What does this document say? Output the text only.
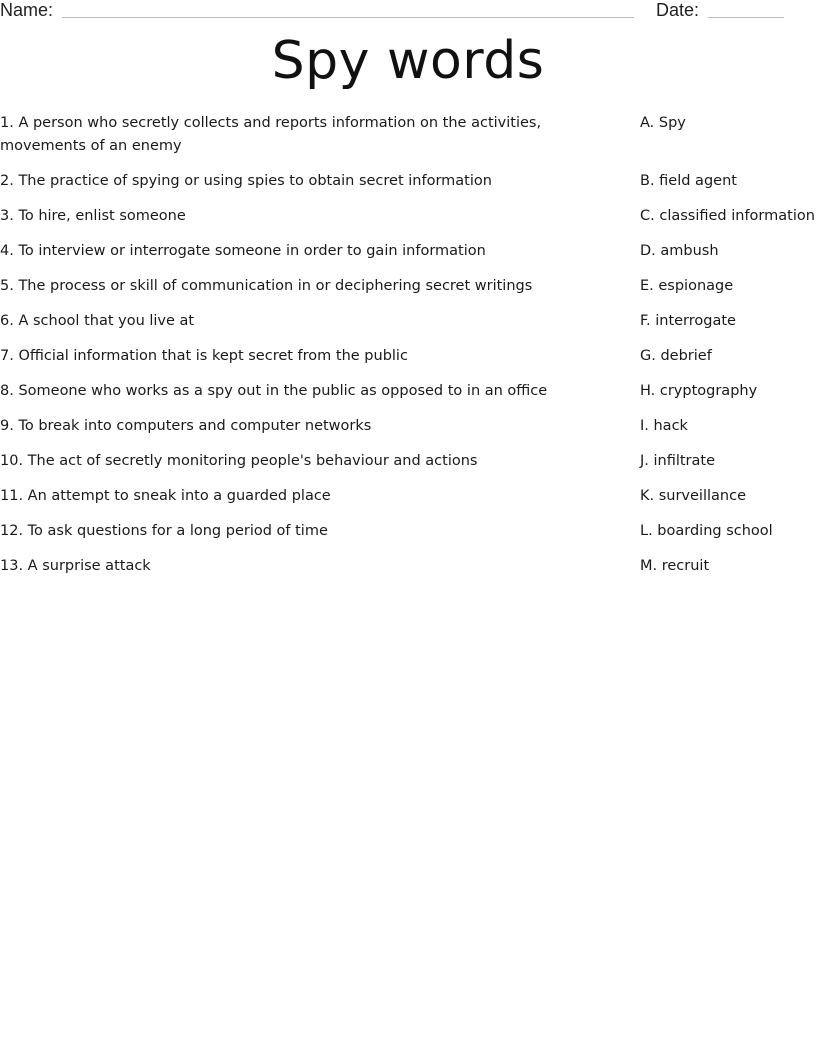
Name:	Date:
Spy words
1. A person who secretly collects and reports information on the activities, movements of an enemy
A. Spy
2. The practice of spying or using spies to obtain secret information	B. field agent
3. To hire, enlist someone	C. classified information
4. To interview or interrogate someone in order to gain information	D. ambush
5. The process or skill of communication in or deciphering secret writings	E. espionage
6. A school that you live at	F. interrogate
7. Official information that is kept secret from the public	G. debrief
8. Someone who works as a spy out in the public as opposed to in an office	H. cryptography
9. To break into computers and computer networks	I. hack
10. The act of secretly monitoring people's behaviour and actions	J. infiltrate
11. An attempt to sneak into a guarded place	K. surveillance
12. To ask questions for a long period of time	L. boarding school
13. A surprise attack	M. recruit
